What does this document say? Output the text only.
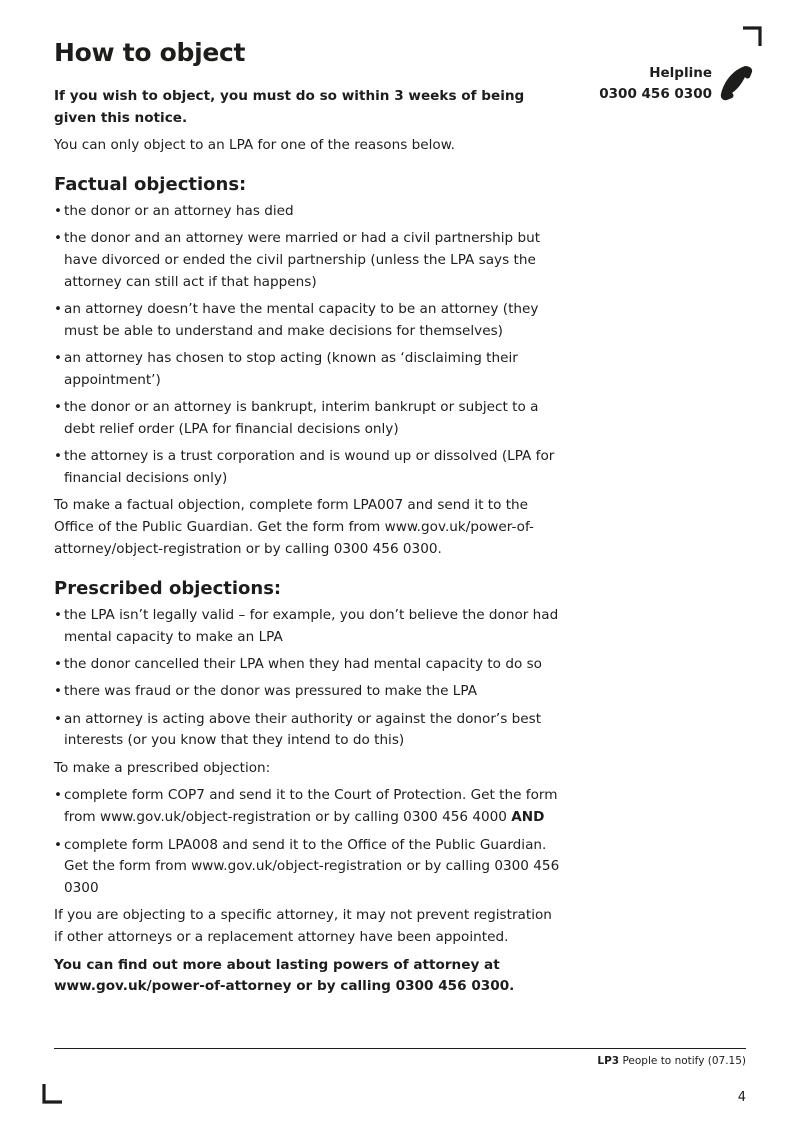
How to object
Helpline
0300 456 0300

If you wish to object, you must do so within 3 weeks of being given this notice.

You can only object to an LPA for one of the reasons below.

Factual objections:
• the donor or an attorney has died
• the donor and an attorney were married or had a civil partnership but have divorced or ended the civil partnership (unless the LPA says the attorney can still act if that happens)
• an attorney doesn’t have the mental capacity to be an attorney (they must be able to understand and make decisions for themselves)
• an attorney has chosen to stop acting (known as ‘disclaiming their appointment’)
• the donor or an attorney is bankrupt, interim bankrupt or subject to a debt relief order (LPA for financial decisions only)
• the attorney is a trust corporation and is wound up or dissolved (LPA for financial decisions only)

To make a factual objection, complete form LPA007 and send it to the Office of the Public Guardian. Get the form from www.gov.uk/power-of-attorney/object-registration or by calling 0300 456 0300.

Prescribed objections:
• the LPA isn’t legally valid – for example, you don’t believe the donor had mental capacity to make an LPA
• the donor cancelled their LPA when they had mental capacity to do so
• there was fraud or the donor was pressured to make the LPA
• an attorney is acting above their authority or against the donor’s best interests (or you know that they intend to do this)

To make a prescribed objection:

• complete form COP7 and send it to the Court of Protection. Get the form from www.gov.uk/object-registration or by calling 0300 456 4000 AND
• complete form LPA008 and send it to the Office of the Public Guardian. Get the form from www.gov.uk/object-registration or by calling 0300 456 0300

If you are objecting to a specific attorney, it may not prevent registration if other attorneys or a replacement attorney have been appointed.

You can find out more about lasting powers of attorney at www.gov.uk/power-of-attorney or by calling 0300 456 0300.

LP3 People to notify (07.15)
4
